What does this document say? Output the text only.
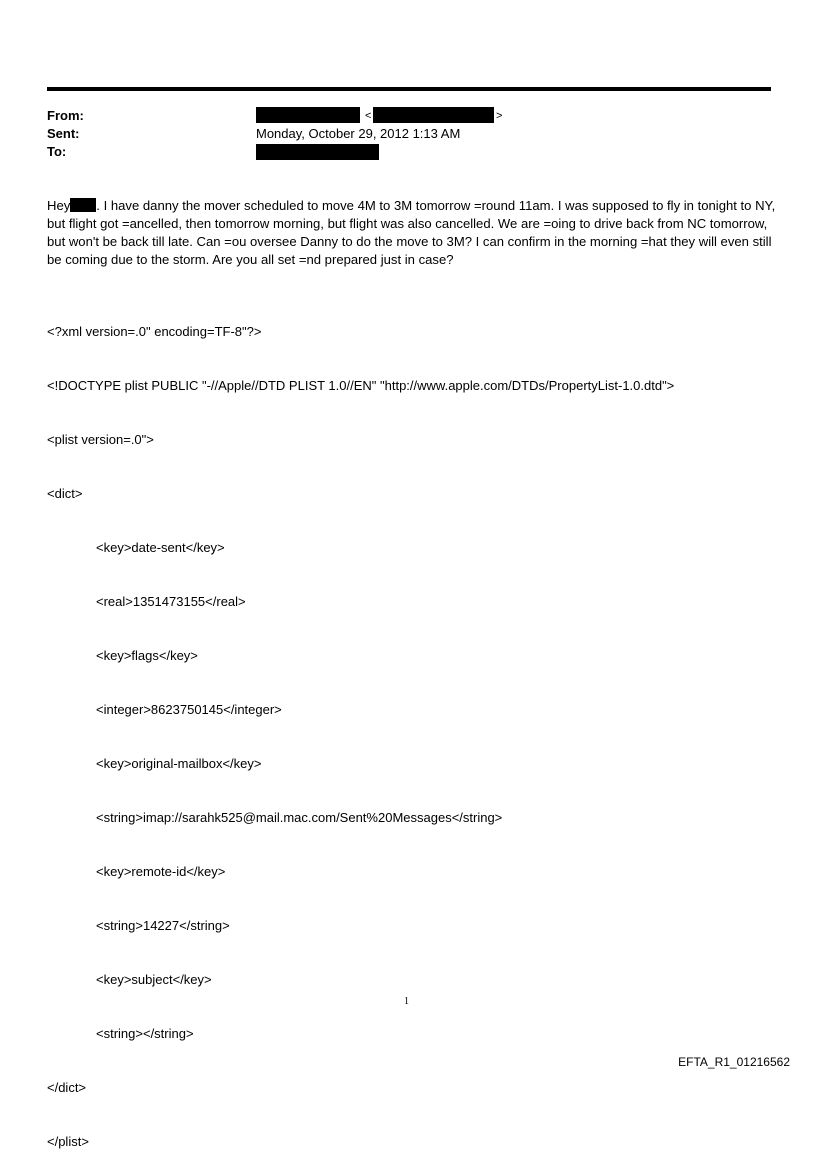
From:
Sent:
To:
<	>
Monday, October 29, 2012 1:13 AM
Hey . I have danny the mover scheduled to move 4M to 3M tomorrow =round 11am. I was supposed to fly in tonight to NY, but flight got =ancelled, then tomorrow morning, but flight was also cancelled. We are =oing to drive back from NC tomorrow, but won't be back till late. Can =ou oversee Danny to do the move to 3M? I can confirm in the morning =hat they will even still be coming due to the storm. Are you all set =nd prepared just in case?

<?xml version=.0" encoding=TF-8"?>

<!DOCTYPE plist PUBLIC "-//Apple//DTD PLIST 1.0//EN" "http://www.apple.com/DTDs/PropertyList-1.0.dtd">

<plist version=.0">

<dict>

<key>date-sent</key>

<real>1351473155</real>

<key>flags</key>

<integer>8623750145</integer>

<key>original-mailbox</key>

<string>imap://sarahk525@mail.mac.com/Sent%20Messages</string>

<key>remote-id</key>

<string>14227</string>

<key>subject</key>

<string></string>

</dict>

</plist>

1
EFTA_R1_01216562
